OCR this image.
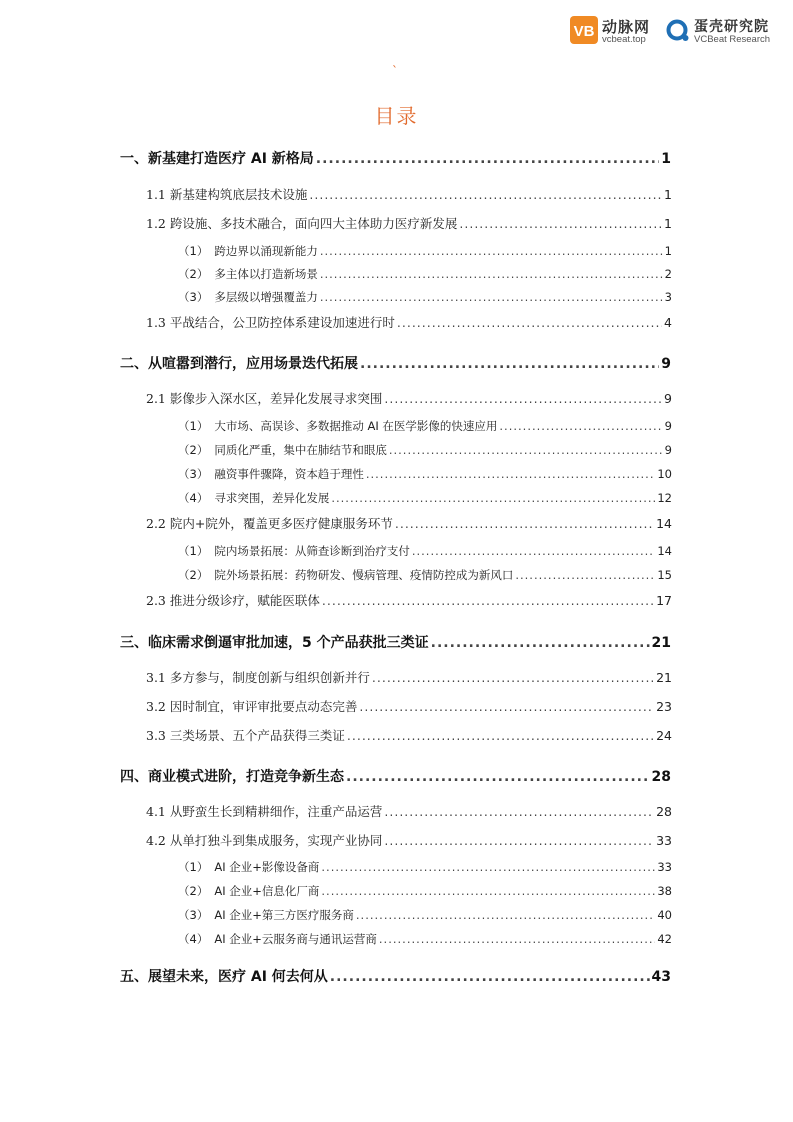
VB 动脉网
vcbeat.top
蛋壳研究院
VCBeat Research
`
目录
一、新基建打造医疗 AI 新格局 .....	1
1.1 新基建构筑底层技术设施 .....	1
1.2 跨设施、多技术融合，面向四大主体助力医疗新发展 .....	1
（1） 跨边界以涌现新能力 .....	1
（2） 多主体以打造新场景 .....	2
（3） 多层级以增强覆盖力 .....	3
1.3 平战结合，公卫防控体系建设加速进行时 .....	4
二、从喧嚣到潜行，应用场景迭代拓展 .....	9
2.1 影像步入深水区，差异化发展寻求突围 .....	9
（1） 大市场、高误诊、多数据推动 AI 在医学影像的快速应用 .....	9
（2） 同质化严重，集中在肺结节和眼底 .....	9
（3） 融资事件骤降，资本趋于理性 .....	10
（4） 寻求突围，差异化发展 .....	12
2.2 院内+院外，覆盖更多医疗健康服务环节 .....	14
（1） 院内场景拓展：从筛查诊断到治疗支付 .....	14
（2） 院外场景拓展：药物研发、慢病管理、疫情防控成为新风口 .....	15
2.3 推进分级诊疗，赋能医联体 .....	17
三、临床需求倒逼审批加速，5 个产品获批三类证 .....	21
3.1 多方参与，制度创新与组织创新并行 .....	21
3.2 因时制宜，审评审批要点动态完善 .....	23
3.3 三类场景、五个产品获得三类证 .....	24
四、商业模式进阶，打造竞争新生态 .....	28
4.1 从野蛮生长到精耕细作，注重产品运营 .....	28
4.2 从单打独斗到集成服务，实现产业协同 .....	33
（1） AI 企业+影像设备商 .....	33
（2） AI 企业+信息化厂商 .....	38
（3） AI 企业+第三方医疗服务商 .....	40
（4） AI 企业+云服务商与通讯运营商 .....	42
五、展望未来，医疗 AI 何去何从 .....	43
